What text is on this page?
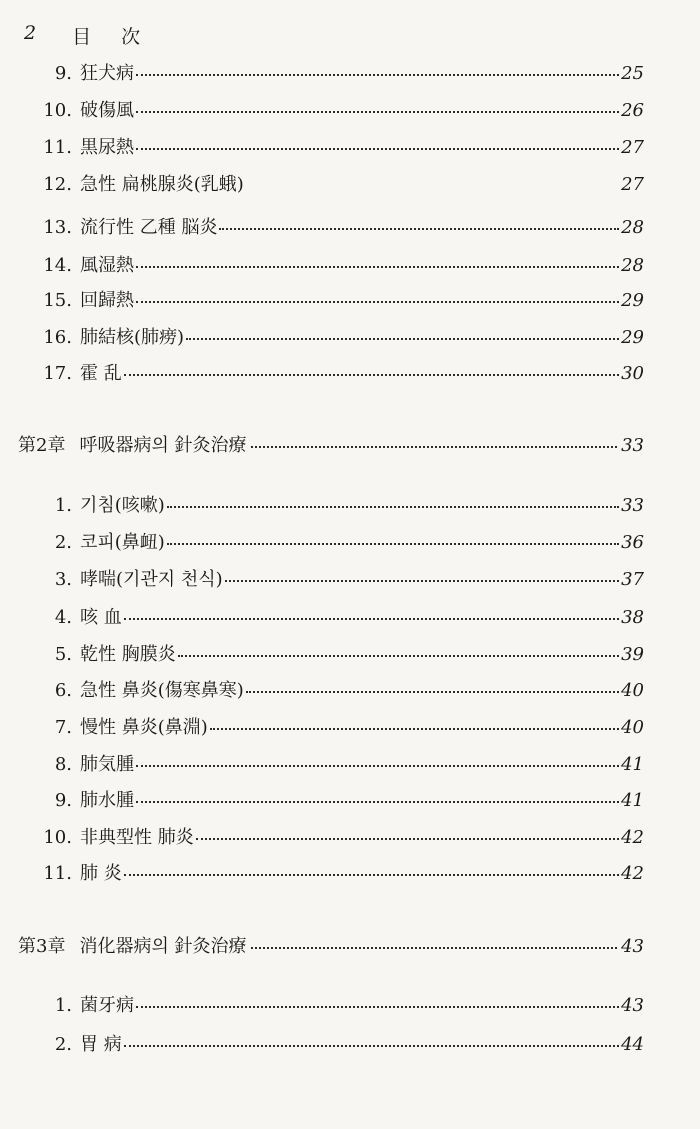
2 目 次
9. 狂犬病	25
10. 破傷風	26
11. 黒尿熱	27
12. 急性 扁桃腺炎(乳蛾)	27
13. 流行性 乙種 脳炎	28
14. 風湿熱	28
15. 回歸熱	29
16. 肺結核(肺痨)	29
17. 霍 乱	30
第2章 呼吸器病의 針灸治療	33
1. 기침(咳嗽)	33
2. 코피(鼻衄)	36
3. 哮喘(기관지 천식)	37
4. 咳 血	38
5. 乾性 胸膜炎	39
6. 急性 鼻炎(傷寒鼻寒)	40
7. 慢性 鼻炎(鼻淵)	40
8. 肺気腫	41
9. 肺水腫	41
10. 非典型性 肺炎	42
11. 肺 炎	42
第3章 消化器病의 針灸治療	43
1. 菌牙病	43
2. 胃 病	44
